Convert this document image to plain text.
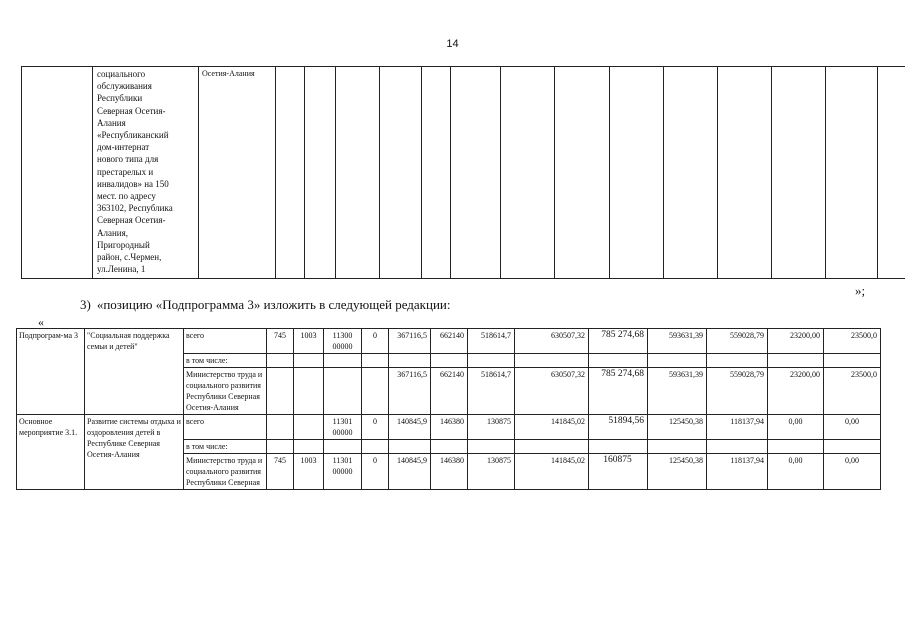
14

социального
обслуживания
Республики
Северная Осетия-
Алания
«Республиканский
дом-интернат
нового типа для
престарелых и
инвалидов» на 150
мест. по адресу
363102, Республика
Северная Осетия-
Алания,
Пригородный
район, с.Чермен,
ул.Ленина, 1
	Осетия-Алания															
»;
3) «позицию «Подпрограмма 3» изложить в следующей редакции:
«
Подпрограм-ма 3	"Социальная поддержка семьи и детей"	всего	745	1003	11300 00000	0	367116,5	662140	518614,7	630507,32	785 274,68	593631,39	559028,79	23200,00	23500,0
		в том числе:													
		Министерство труда и социального развития Республики Северная Осетия-Алания					367116,5	662140	518614,7	630507,32	785 274,68	593631,39	559028,79	23200,00	23500,0
Основное мероприятие 3.1.	Развитие системы отдыха и оздоровления детей в Республике Северная Осетия-Алания	всего			11301 00000	0	140845,9	146380	130875	141845,02	51894,56	125450,38	118137,94	0,00	0,00
		в том числе:													
		Министерство труда и социального развития Республики Северная	745	1003	11301 00000	0	140845,9	146380	130875	141845,02	160875	125450,38	118137,94	0,00	0,00
